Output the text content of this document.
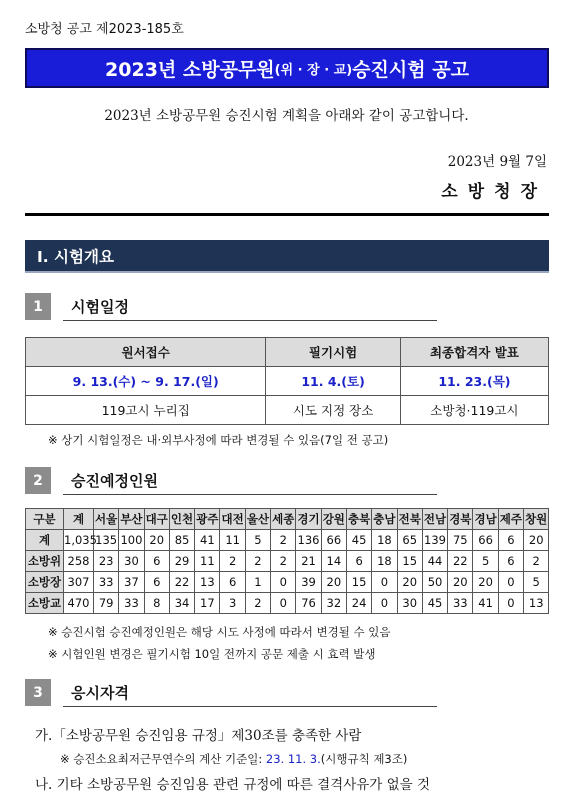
소방청 공고 제2023-185호
2023년 소방공무원 (위 · 장 · 교) 승진시험 공고
2023년 소방공무원 승진시험 계획을 아래와 같이 공고합니다.
2023년 9월 7일
소방청장
Ⅰ. 시험개요
1	시험일정
원서접수	필기시험	최종합격자 발표
9. 13.(수) ~ 9. 17.(일)	11. 4.(토)	11. 23.(목)
119고시 누리집	시도 지정 장소	소방청·119고시
※ 상기 시험일정은 내·외부사정에 따라 변경될 수 있음(7일 전 공고)
2	승진예정인원
구분	계	서울	부산	대구	인천	광주	대전	울산	세종	경기	강원	충북	충남	전북	전남	경북	경남	제주	창원
계	1,035	135	100	20	85	41	11	5	2	136	66	45	18	65	139	75	66	6	20
소방위	258	23	30	6	29	11	2	2	2	21	14	6	18	15	44	22	5	6	2
소방장	307	33	37	6	22	13	6	1	0	39	20	15	0	20	50	20	20	0	5
소방교	470	79	33	8	34	17	3	2	0	76	32	24	0	30	45	33	41	0	13
※ 승진시험 승진예정인원은 해당 시도 사정에 따라서 변경될 수 있음
※ 시험인원 변경은 필기시험 10일 전까지 공문 제출 시 효력 발생
3	응시자격
가.「소방공무원 승진임용 규정」제30조를 충족한 사람
※ 승진소요최저근무연수의 계산 기준일: 23. 11. 3.(시행규칙 제3조)
나. 기타 소방공무원 승진임용 관련 규정에 따른 결격사유가 없을 것
